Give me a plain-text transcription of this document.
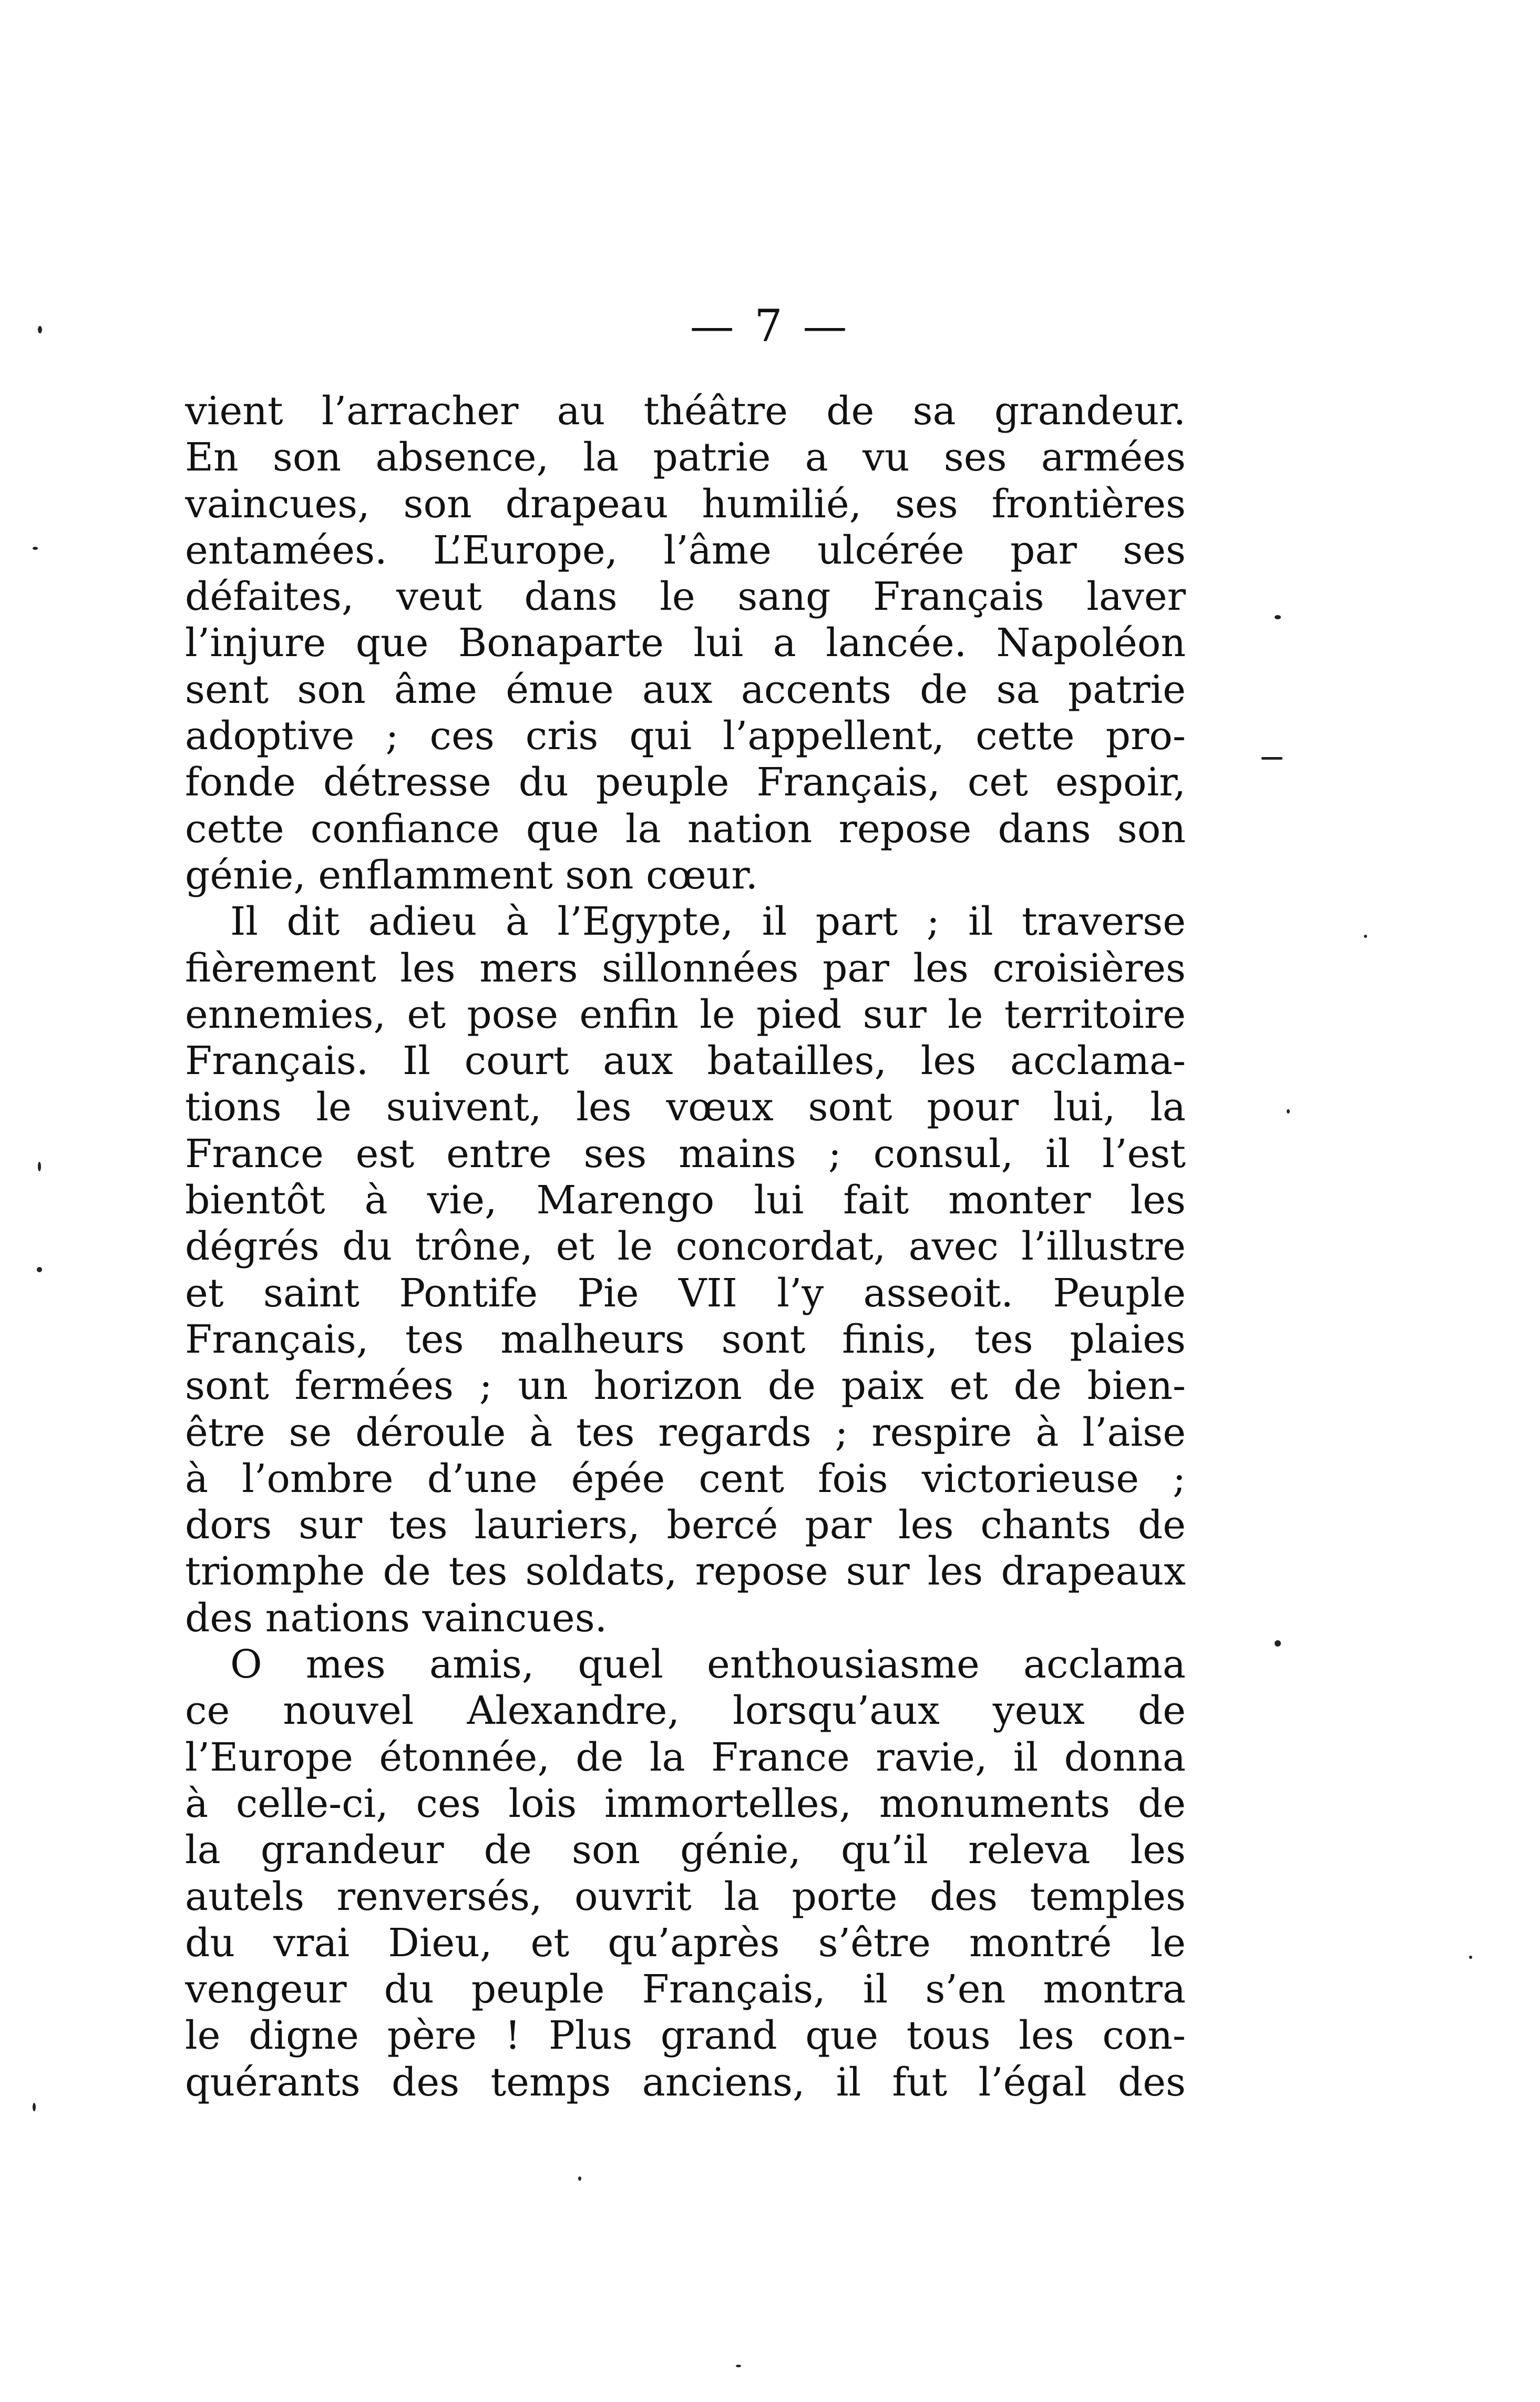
— 7 —
vient l’arracher au théâtre de sa grandeur.
En son absence, la patrie a vu ses armées
vaincues, son drapeau humilié, ses frontières
entamées. L’Europe, l’âme ulcérée par ses
défaites, veut dans le sang Français laver
l’injure que Bonaparte lui a lancée. Napoléon
sent son âme émue aux accents de sa patrie
adoptive ; ces cris qui l’appellent, cette pro-
fonde détresse du peuple Français, cet espoir,
cette confiance que la nation repose dans son
génie, enflamment son cœur.
Il dit adieu à l’Egypte, il part ; il traverse
fièrement les mers sillonnées par les croisières
ennemies, et pose enfin le pied sur le territoire
Français. Il court aux batailles, les acclama-
tions le suivent, les vœux sont pour lui, la
France est entre ses mains ; consul, il l’est
bientôt à vie, Marengo lui fait monter les
dégrés du trône, et le concordat, avec l’illustre
et saint Pontife Pie VII l’y asseoit. Peuple
Français, tes malheurs sont finis, tes plaies
sont fermées ; un horizon de paix et de bien-
être se déroule à tes regards ; respire à l’aise
à l’ombre d’une épée cent fois victorieuse ;
dors sur tes lauriers, bercé par les chants de
triomphe de tes soldats, repose sur les drapeaux
des nations vaincues.
O mes amis, quel enthousiasme acclama
ce nouvel Alexandre, lorsqu’aux yeux de
l’Europe étonnée, de la France ravie, il donna
à celle-ci, ces lois immortelles, monuments de
la grandeur de son génie, qu’il releva les
autels renversés, ouvrit la porte des temples
du vrai Dieu, et qu’après s’être montré le
vengeur du peuple Français, il s’en montra
le digne père ! Plus grand que tous les con-
quérants des temps anciens, il fut l’égal des
